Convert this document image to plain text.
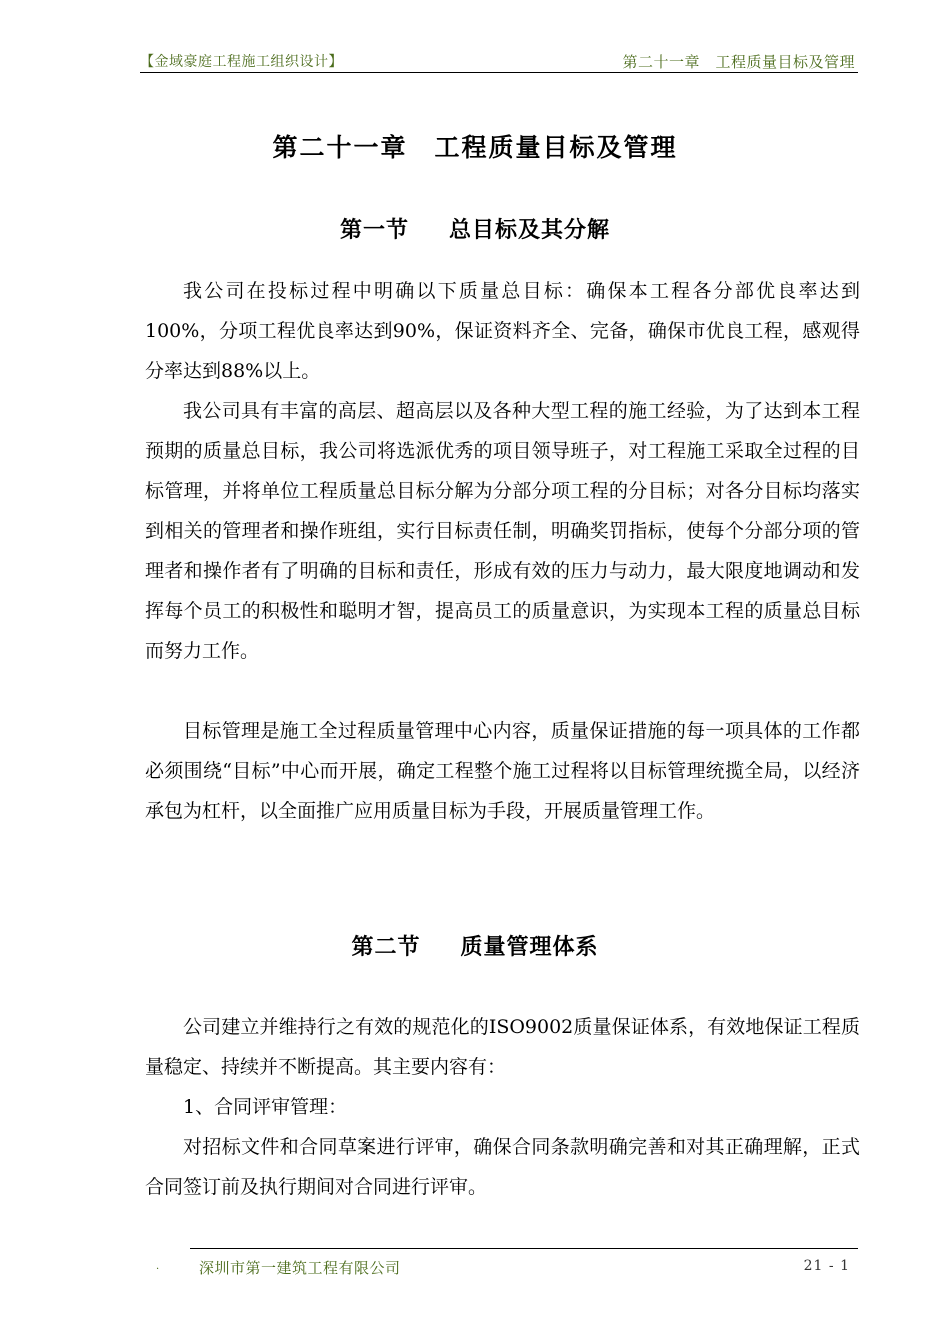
【金域豪庭工程施工组织设计】	第二十一章　工程质量目标及管理
第二十一章　工程质量目标及管理
第一节 总目标及其分解

我公司在投标过程中明确以下质量总目标：确保本工程各分部优良率达到100%，分项工程优良率达到90%，保证资料齐全、完备，确保市优良工程，感观得分率达到88%以上。

我公司具有丰富的高层、超高层以及各种大型工程的施工经验，为了达到本工程预期的质量总目标，我公司将选派优秀的项目领导班子，对工程施工采取全过程的目标管理，并将单位工程质量总目标分解为分部分项工程的分目标；对各分目标均落实到相关的管理者和操作班组，实行目标责任制，明确奖罚指标，使每个分部分项的管理者和操作者有了明确的目标和责任，形成有效的压力与动力，最大限度地调动和发挥每个员工的积极性和聪明才智，提高员工的质量意识，为实现本工程的质量总目标而努力工作。

目标管理是施工全过程质量管理中心内容，质量保证措施的每一项具体的工作都必须围绕“目标”中心而开展，确定工程整个施工过程将以目标管理统揽全局，以经济承包为杠杆，以全面推广应用质量目标为手段，开展质量管理工作。

第二节 质量管理体系

公司建立并维持行之有效的规范化的ISO9002质量保证体系，有效地保证工程质量稳定、持续并不断提高。其主要内容有：

1、合同评审管理：

对招标文件和合同草案进行评审，确保合同条款明确完善和对其正确理解，正式合同签订前及执行期间对合同进行评审。

·	深圳市第一建筑工程有限公司	21 - 1
